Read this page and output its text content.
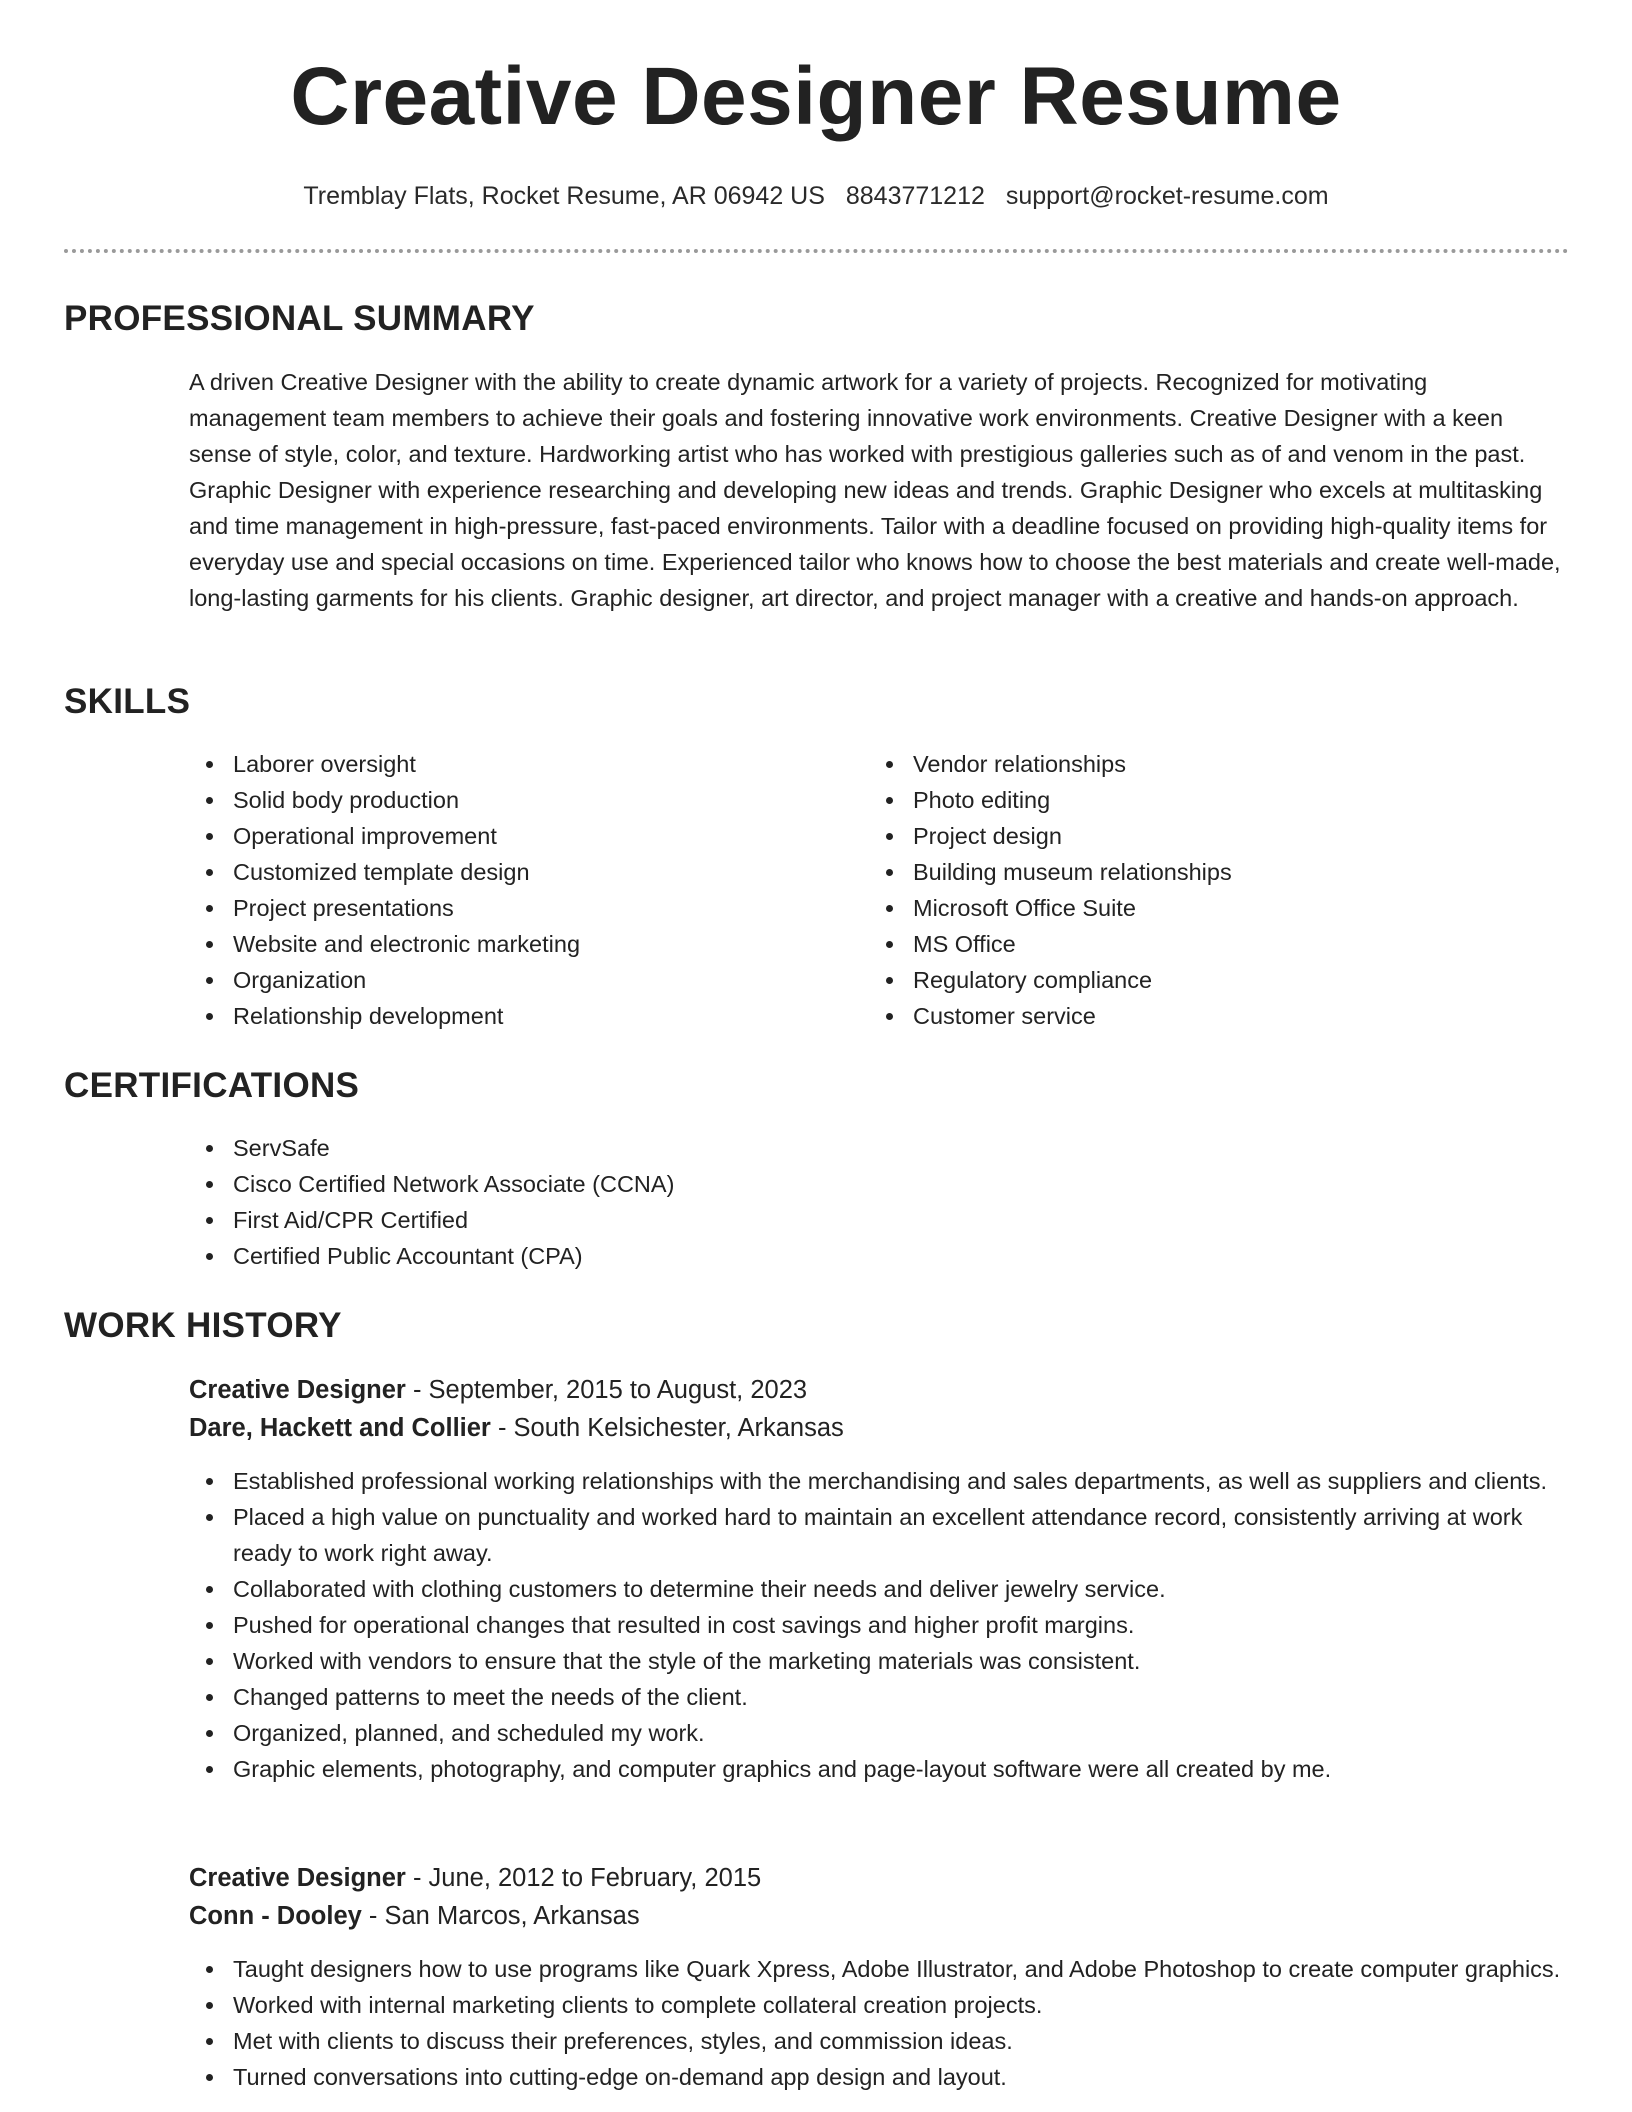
Creative Designer Resume
Tremblay Flats, Rocket Resume, AR 06942 US 8843771212 support@rocket-resume.com
PROFESSIONAL SUMMARY

A driven Creative Designer with the ability to create dynamic artwork for a variety of projects. Recognized for motivating management team members to achieve their goals and fostering innovative work environments. Creative Designer with a keen sense of style, color, and texture. Hardworking artist who has worked with prestigious galleries such as of and venom in the past. Graphic Designer with experience researching and developing new ideas and trends. Graphic Designer who excels at multitasking and time management in high-pressure, fast-paced environments. Tailor with a deadline focused on providing high-quality items for everyday use and special occasions on time. Experienced tailor who knows how to choose the best materials and create well-made, long-lasting garments for his clients. Graphic designer, art director, and project manager with a creative and hands-on approach.

SKILLS
Laborer oversight
Solid body production
Operational improvement
Customized template design
Project presentations
Website and electronic marketing
Organization
Relationship development
Vendor relationships
Photo editing
Project design
Building museum relationships
Microsoft Office Suite
MS Office
Regulatory compliance
Customer service
CERTIFICATIONS
ServSafe
Cisco Certified Network Associate (CCNA)
First Aid/CPR Certified
Certified Public Accountant (CPA)
WORK HISTORY
Creative Designer - September, 2015 to August, 2023
Dare, Hackett and Collier - South Kelsichester, Arkansas
Established professional working relationships with the merchandising and sales departments, as well as suppliers and clients.
Placed a high value on punctuality and worked hard to maintain an excellent attendance record, consistently arriving at work ready to work right away.
Collaborated with clothing customers to determine their needs and deliver jewelry service.
Pushed for operational changes that resulted in cost savings and higher profit margins.
Worked with vendors to ensure that the style of the marketing materials was consistent.
Changed patterns to meet the needs of the client.
Organized, planned, and scheduled my work.
Graphic elements, photography, and computer graphics and page-layout software were all created by me.
Creative Designer - June, 2012 to February, 2015
Conn - Dooley - San Marcos, Arkansas
Taught designers how to use programs like Quark Xpress, Adobe Illustrator, and Adobe Photoshop to create computer graphics.
Worked with internal marketing clients to complete collateral creation projects.
Met with clients to discuss their preferences, styles, and commission ideas.
Turned conversations into cutting-edge on-demand app design and layout.
